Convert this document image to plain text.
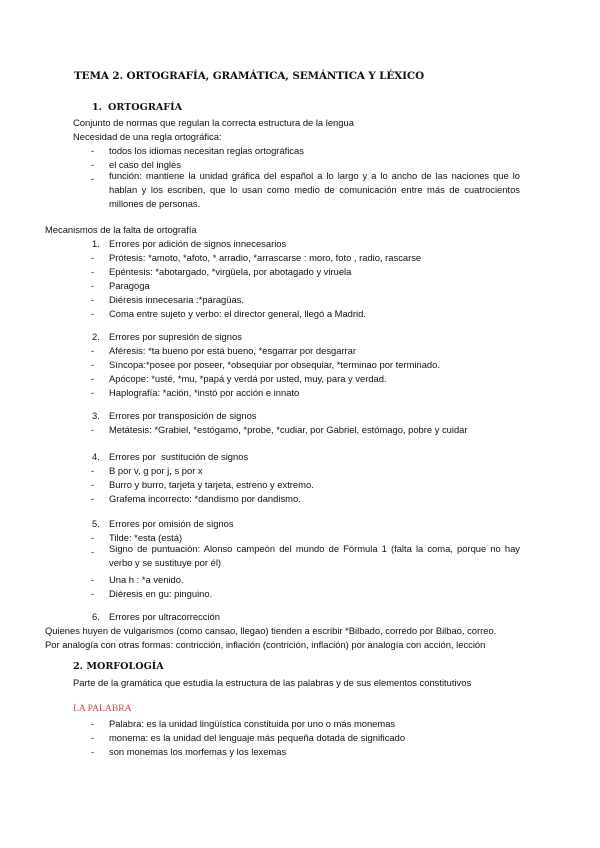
TEMA 2. ORTOGRAFÍA, GRAMÁTICA, SEMÁNTICA Y LÉXICO
1. ORTOGRAFÍA
Conjunto de normas que regulan la correcta estructura de la lengua
Necesidad de una regla ortográfica:
- todos los idiomas necesitan reglas ortográficas
- el caso del inglés
- función: mantiene la unidad gráfica del español a lo largo y a lo ancho de las naciones que lo hablan y los escriben, que lo usan como medio de comunicación entre más de cuatrocientos millones de personas.
Mecanismos de la falta de ortografía
1. Errores por adición de signos innecesarios
- Prótesis: *amoto, *afoto, * arradio, *arrascarse : moro, foto , radio, rascarse
- Epéntesis: *abotargado, *virgüela, por abotagado y viruela
- Paragoga
- Diéresis innecesaria :*paragüas.
- Coma entre sujeto y verbo: el director general, llegó a Madrid.
2. Errores por supresión de signos
- Aféresis: *ta bueno por está bueno, *esgarrar por desgarrar
- Síncopa:*posee por poseer, *obsequiar por obsequiar, *terminao por terminado.
- Apócope: *usté, *mu, *papá y verdá por usted, muy, para y verdad.
- Haplografía: *ación, *instó por acción e innato
3. Errores por transposición de signos
- Metátesis: *Grabiel, *estógamo, *probe, *cudiar, por Gabriel, estómago, pobre y cuidar
4. Errores por  sustitución de signos
- B por v, g por j, s por x
- Burro y burro, tarjeta y tarjeta, estreno y extremo.
- Grafema incorrecto: *dandismo por dandismo.
5. Errores por omisión de signos
- Tilde: *esta (está)
- Signo de puntuación: Alonso campeón del mundo de Fórmula 1 (falta la coma, porque no hay verbo y se sustituye por él)
- Una h : *a venido.
- Diéresis en gu: pinguino.
6. Errores por ultracorrección
Quienes huyen de vulgarismos (como cansao, llegao) tienden a escribir *Bilbado, corredo por Bilbao, correo.
Por analogía con otras formas: contricción, inflación (contrición, inflación) por analogía con acción, lección
2. MORFOLOGÍA
Parte de la gramática que estudia la estructura de las palabras y de sus elementos constitutivos
LA PALABRA
- Palabra: es la unidad lingüística constituida por uno o más monemas
- monema: es la unidad del lenguaje más pequeña dotada de significado
- son monemas los morfemas y los lexemas
